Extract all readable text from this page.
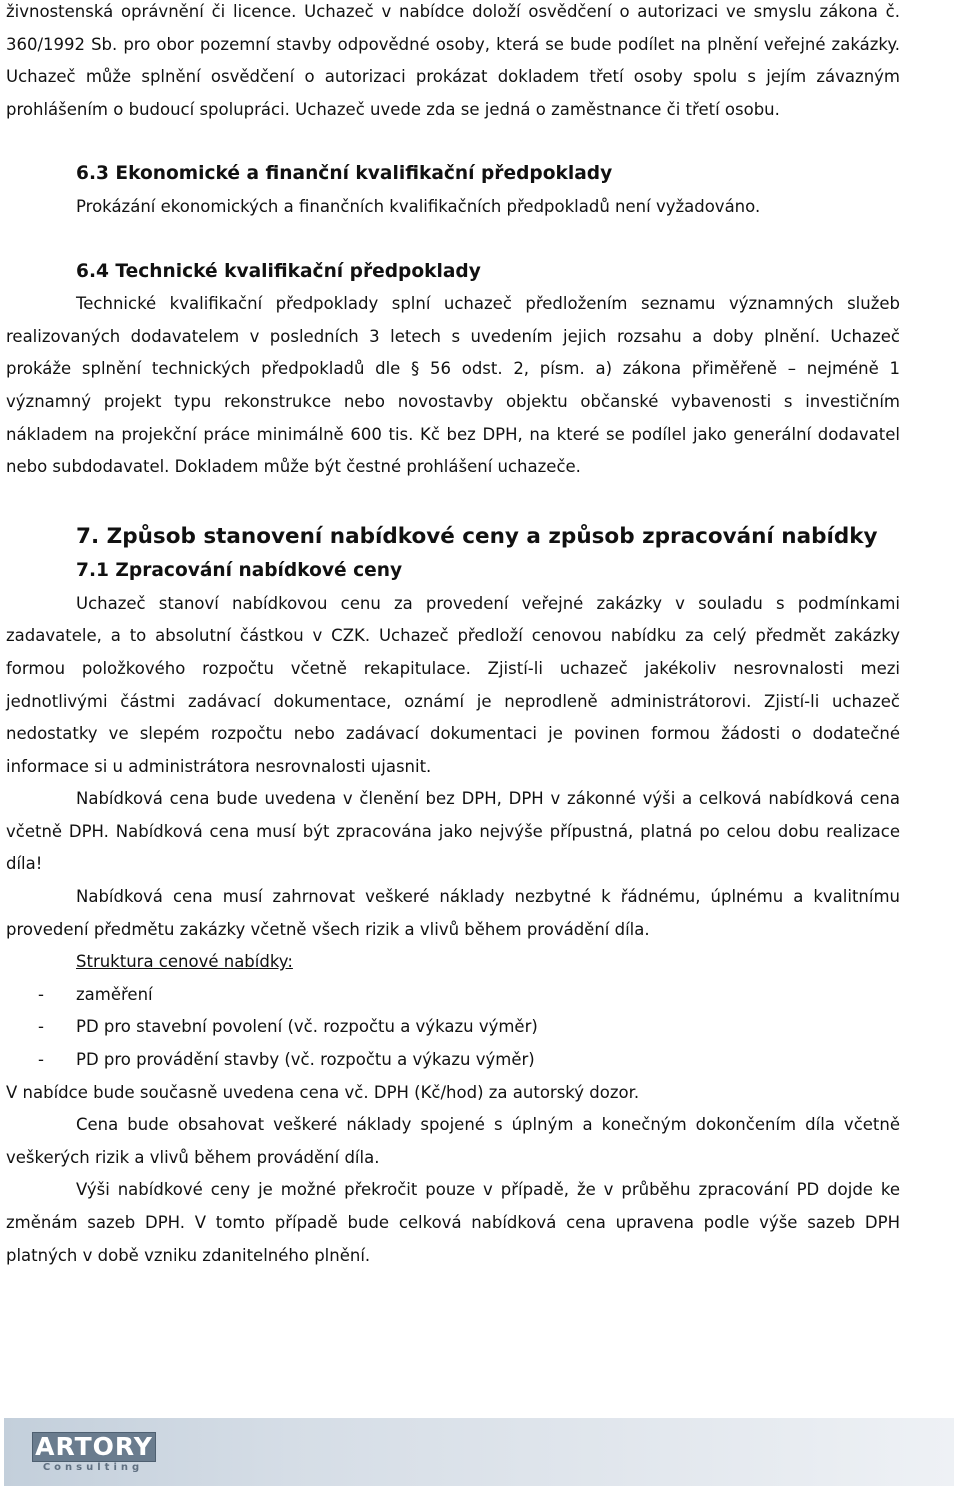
živnostenská oprávnění či licence. Uchazeč v nabídce doloží osvědčení o autorizaci ve smyslu zákona č. 360/1992 Sb. pro obor pozemní stavby odpovědné osoby, která se bude podílet na plnění veřejné zakázky. Uchazeč může splnění osvědčení o autorizaci prokázat dokladem třetí osoby spolu s jejím závazným prohlášením o budoucí spolupráci. Uchazeč uvede zda se jedná o zaměstnance či třetí osobu.

6.3 Ekonomické a finanční kvalifikační předpoklady

Prokázání ekonomických a finančních kvalifikačních předpokladů není vyžadováno.

6.4 Technické kvalifikační předpoklady

Technické kvalifikační předpoklady splní uchazeč předložením seznamu významných služeb realizovaných dodavatelem v posledních 3 letech s uvedením jejich rozsahu a doby plnění. Uchazeč prokáže splnění technických předpokladů dle § 56 odst. 2, písm. a) zákona přiměřeně – nejméně 1 významný projekt typu rekonstrukce nebo novostavby objektu občanské vybavenosti s investičním nákladem na projekční práce minimálně 600 tis. Kč bez DPH, na které se podílel jako generální dodavatel nebo subdodavatel. Dokladem může být čestné prohlášení uchazeče.

7. Způsob stanovení nabídkové ceny a způsob zpracování nabídky
7.1 Zpracování nabídkové ceny

Uchazeč stanoví nabídkovou cenu za provedení veřejné zakázky v souladu s podmínkami zadavatele, a to absolutní částkou v CZK. Uchazeč předloží cenovou nabídku za celý předmět zakázky formou položkového rozpočtu včetně rekapitulace. Zjistí-li uchazeč jakékoliv nesrovnalosti mezi jednotlivými částmi zadávací dokumentace, oznámí je neprodleně administrátorovi. Zjistí-li uchazeč nedostatky ve slepém rozpočtu nebo zadávací dokumentaci je povinen formou žádosti o dodatečné informace si u administrátora nesrovnalosti ujasnit.

Nabídková cena bude uvedena v členění bez DPH, DPH v zákonné výši a celková nabídková cena včetně DPH. Nabídková cena musí být zpracována jako nejvýše přípustná, platná po celou dobu realizace díla!

Nabídková cena musí zahrnovat veškeré náklady nezbytné k řádnému, úplnému a kvalitnímu provedení předmětu zakázky včetně všech rizik a vlivů během provádění díla.

Struktura cenové nabídky:

-	zaměření
-	PD pro stavební povolení (vč. rozpočtu a výkazu výměr)
-	PD pro provádění stavby (vč. rozpočtu a výkazu výměr)

V nabídce bude současně uvedena cena vč. DPH (Kč/hod) za autorský dozor.

Cena bude obsahovat veškeré náklady spojené s úplným a konečným dokončením díla včetně veškerých rizik a vlivů během provádění díla.

Výši nabídkové ceny je možné překročit pouze v případě, že v průběhu zpracování PD dojde ke změnám sazeb DPH. V tomto případě bude celková nabídková cena upravena podle výše sazeb DPH platných v době vzniku zdanitelného plnění.

ARTORY
Consulting
